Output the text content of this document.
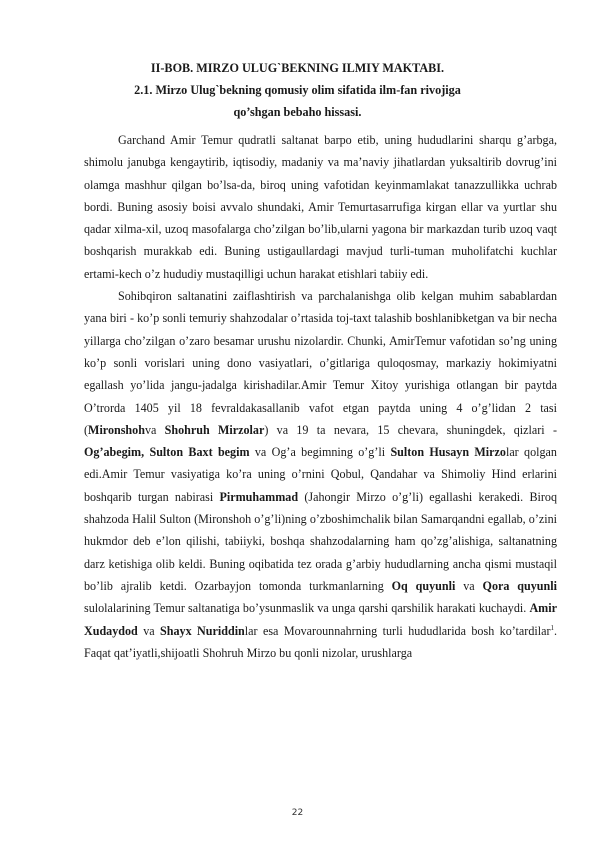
II-BOB. MIRZO ULUG`BEKNING ILMIY MAKTABI.
2.1. Mirzo Ulug`bekning qomusiy olim sifatida ilm-fan rivojiga
qo’shgan bebaho hissasi.

Garchand Amir Temur qudratli saltanat barpo etib, uning hududlarini sharqu g’arbga, shimolu janubga kengaytirib, iqtisodiy, madaniy va ma’naviy jihatlardan yuksaltirib dovrug’ini olamga mashhur qilgan bo’lsa-da, biroq uning vafotidan keyinmamlakat tanazzullikka uchrab bordi. Buning asosiy boisi avvalo shundaki, Amir Temurtasarrufiga kirgan ellar va yurtlar shu qadar xilma-xil, uzoq masofalarga cho’zilgan bo’lib,ularni yagona bir markazdan turib uzoq vaqt boshqarish murakkab edi. Buning ustigaullardagi mavjud turli-tuman muholifatchi kuchlar ertami-kech o’z hududiy mustaqilligi uchun harakat etishlari tabiiy edi.

Sohibqiron saltanatini zaiflashtirish va parchalanishga olib kelgan muhim sabablardan yana biri - ko’p sonli temuriy shahzodalar o’rtasida toj-taxt talashib boshlanibketgan va bir necha yillarga cho’zilgan o’zaro besamar urushu nizolardir. Chunki, AmirTemur vafotidan so’ng uning ko’p sonli vorislari uning dono vasiyatlari, o’gitlariga quloqosmay, markaziy hokimiyatni egallash yo’lida jangu-jadalga kirishadilar.Amir Temur Xitoy yurishiga otlangan bir paytda O’trorda 1405 yil 18 fevraldakasallanib vafot etgan paytda uning 4 o’g’lidan 2 tasi (Mironshohva Shohruh Mirzolar) va 19 ta nevara, 15 chevara, shuningdek, qizlari - Og’abegim, Sulton Baxt begim va Og’a begimning o’g’li Sulton Husayn Mirzolar qolgan edi.Amir Temur vasiyatiga ko’ra uning o’rnini Qobul, Qandahar va Shimoliy Hind erlarini boshqarib turgan nabirasi Pirmuhammad (Jahongir Mirzo o’g’li) egallashi kerakedi. Biroq shahzoda Halil Sulton (Mironshoh o’g’li)ning o’zboshimchalik bilan Samarqandni egallab, o’zini hukmdor deb e’lon qilishi, tabiiyki, boshqa shahzodalarning ham qo’zg’alishiga, saltanatning darz ketishiga olib keldi. Buning oqibatida tez orada g’arbiy hududlarning ancha qismi mustaqil bo’lib ajralib ketdi. Ozarbayjon tomonda turkmanlarning Oq quyunli va Qora quyunli sulolalarining Temur saltanatiga bo’ysunmaslik va unga qarshi qarshilik harakati kuchaydi. Amir Xudaydod va Shayx Nuriddinlar esa Movarounnahrning turli hududlarida bosh ko’tardilar$^1$. Faqat qat’iyatli,shijoatli Shohruh Mirzo bu qonli nizolar, urushlarga

22
